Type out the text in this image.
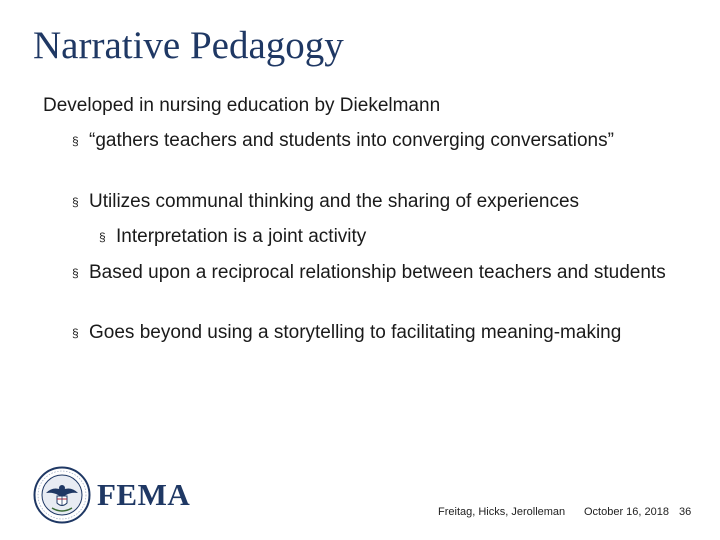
Narrative Pedagogy
Developed in nursing education by Diekelmann
§ “gathers teachers and students into converging conversations”
§ Utilizes communal thinking and the sharing of experiences
§ Interpretation is a joint activity
§ Based upon a reciprocal relationship between teachers and students
§ Goes beyond using a storytelling to facilitating meaning-making
FEMA	Freitag, Hicks, Jerolleman October 16, 2018 36
